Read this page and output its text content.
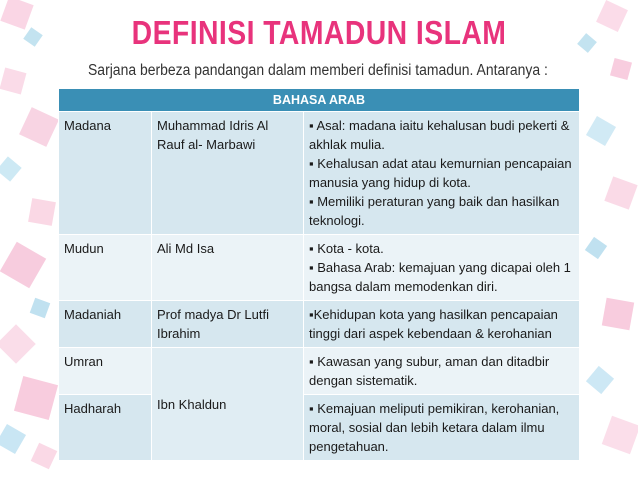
DEFINISI TAMADUN ISLAM
Sarjana berbeza pandangan dalam memberi definisi tamadun. Antaranya :
BAHASA ARAB		
Madana	Muhammad Idris Al Rauf al- Marbawi	▪ Asal: madana iaitu kehalusan budi pekerti & akhlak mulia.
▪ Kehalusan adat atau kemurnian pencapaian manusia yang hidup di kota.
▪ Memiliki peraturan yang baik dan hasilkan teknologi.

Mudun	Ali Md Isa	▪ Kota - kota.
▪ Bahasa Arab: kemajuan yang dicapai oleh 1 bangsa dalam memodenkan diri.

Madaniah	Prof madya Dr Lutfi Ibrahim	▪Kehidupan kota yang hasilkan pencapaian tinggi dari aspek kebendaan & kerohanian

Umran	Ibn Khaldun	▪ Kawasan yang subur, aman dan ditadbir dengan sistematik.

Hadharah		▪ Kemajuan meliputi pemikiran, kerohanian, moral, sosial dan lebih ketara dalam ilmu pengetahuan.
